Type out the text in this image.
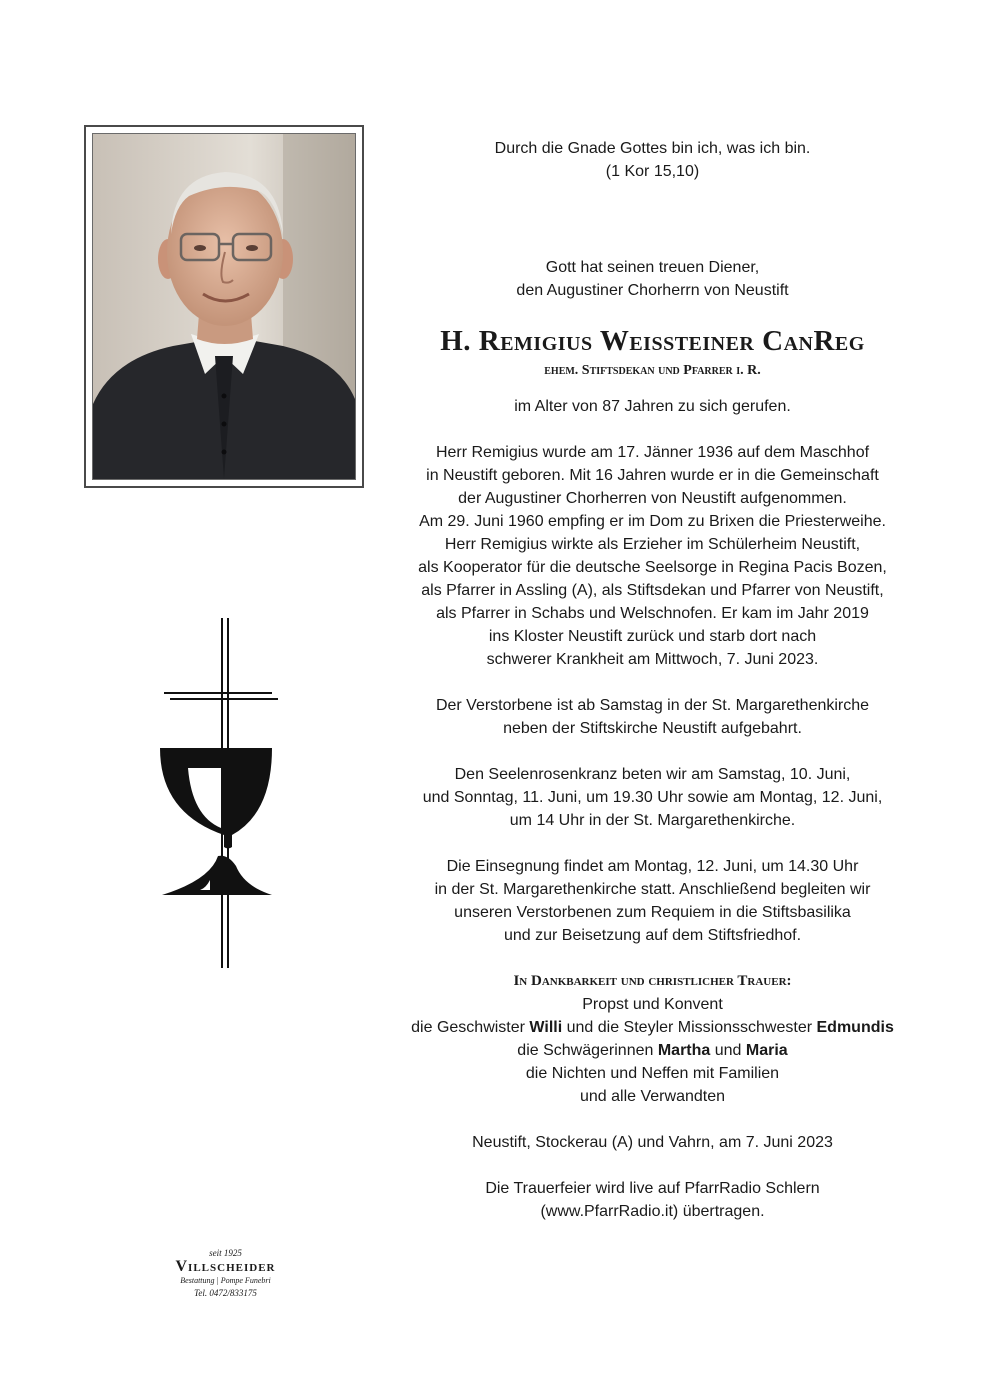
Durch die Gnade Gottes bin ich, was ich bin.
(1 Kor 15,10)

Gott hat seinen treuen Diener,
den Augustiner Chorherrn von Neustift

H. Remigius Weissteiner CanReg

ehem. Stiftsdekan und Pfarrer i. R.

im Alter von 87 Jahren zu sich gerufen.

Herr Remigius wurde am 17. Jänner 1936 auf dem Maschhof
in Neustift geboren. Mit 16 Jahren wurde er in die Gemeinschaft
der Augustiner Chorherren von Neustift aufgenommen.
Am 29. Juni 1960 empfing er im Dom zu Brixen die Priesterweihe.
Herr Remigius wirkte als Erzieher im Schülerheim Neustift,
als Kooperator für die deutsche Seelsorge in Regina Pacis Bozen,
als Pfarrer in Assling (A), als Stiftsdekan und Pfarrer von Neustift,
als Pfarrer in Schabs und Welschnofen. Er kam im Jahr 2019
ins Kloster Neustift zurück und starb dort nach
schwerer Krankheit am Mittwoch, 7. Juni 2023.

Der Verstorbene ist ab Samstag in der St. Margarethenkirche
neben der Stiftskirche Neustift aufgebahrt.

Den Seelenrosenkranz beten wir am Samstag, 10. Juni,
und Sonntag, 11. Juni, um 19.30 Uhr sowie am Montag, 12. Juni,
um 14 Uhr in der St. Margarethenkirche.

Die Einsegnung findet am Montag, 12. Juni, um 14.30 Uhr
in der St. Margarethenkirche statt. Anschließend begleiten wir
unseren Verstorbenen zum Requiem in die Stiftsbasilika
und zur Beisetzung auf dem Stiftsfriedhof.

In Dankbarkeit und christlicher Trauer:
Propst und Konvent
die Geschwister Willi und die Steyler Missionsschwester Edmundis
die Schwägerinnen Martha und Maria
die Nichten und Neffen mit Familien
und alle Verwandten

Neustift, Stockerau (A) und Vahrn, am 7. Juni 2023

Die Trauerfeier wird live auf PfarrRadio Schlern
(www.PfarrRadio.it) übertragen.

seit 1925
Villscheider
Bestattung | Pompe Funebri
Tel. 0472/833175
